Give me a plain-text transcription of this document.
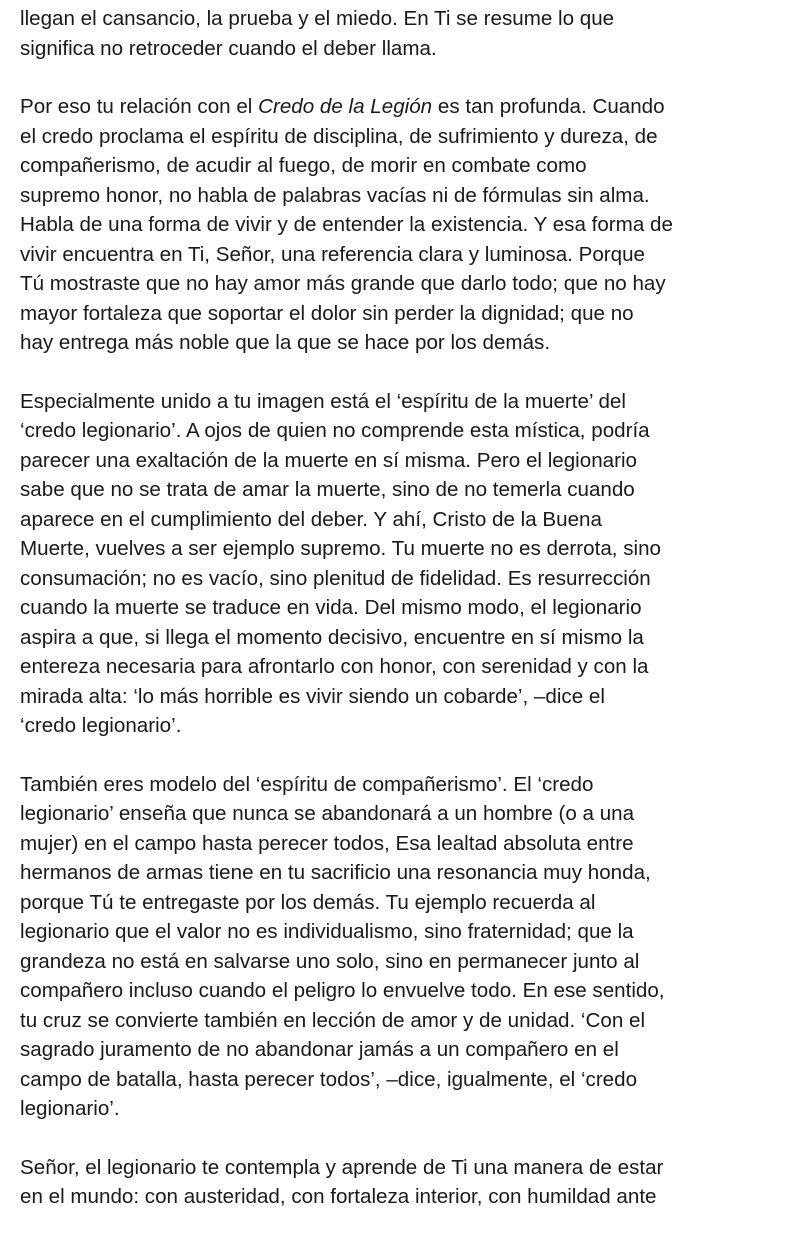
llegan el cansancio, la prueba y el miedo. En Ti se resume lo que
significa no retroceder cuando el deber llama.

Por eso tu relación con el Credo de la Legión es tan profunda. Cuando
el credo proclama el espíritu de disciplina, de sufrimiento y dureza, de
compañerismo, de acudir al fuego, de morir en combate como
supremo honor, no habla de palabras vacías ni de fórmulas sin alma.
Habla de una forma de vivir y de entender la existencia. Y esa forma de
vivir encuentra en Ti, Señor, una referencia clara y luminosa. Porque
Tú mostraste que no hay amor más grande que darlo todo; que no hay
mayor fortaleza que soportar el dolor sin perder la dignidad; que no
hay entrega más noble que la que se hace por los demás.

Especialmente unido a tu imagen está el ‘espíritu de la muerte’ del
‘credo legionario’. A ojos de quien no comprende esta mística, podría
parecer una exaltación de la muerte en sí misma. Pero el legionario
sabe que no se trata de amar la muerte, sino de no temerla cuando
aparece en el cumplimiento del deber. Y ahí, Cristo de la Buena
Muerte, vuelves a ser ejemplo supremo. Tu muerte no es derrota, sino
consumación; no es vacío, sino plenitud de fidelidad. Es resurrección
cuando la muerte se traduce en vida. Del mismo modo, el legionario
aspira a que, si llega el momento decisivo, encuentre en sí mismo la
entereza necesaria para afrontarlo con honor, con serenidad y con la
mirada alta: ‘lo más horrible es vivir siendo un cobarde’, –dice el
‘credo legionario’.

También eres modelo del ‘espíritu de compañerismo’. El ‘credo
legionario’ enseña que nunca se abandonará a un hombre (o a una
mujer) en el campo hasta perecer todos, Esa lealtad absoluta entre
hermanos de armas tiene en tu sacrificio una resonancia muy honda,
porque Tú te entregaste por los demás. Tu ejemplo recuerda al
legionario que el valor no es individualismo, sino fraternidad; que la
grandeza no está en salvarse uno solo, sino en permanecer junto al
compañero incluso cuando el peligro lo envuelve todo. En ese sentido,
tu cruz se convierte también en lección de amor y de unidad. ‘Con el
sagrado juramento de no abandonar jamás a un compañero en el
campo de batalla, hasta perecer todos’, –dice, igualmente, el ‘credo
legionario’.

Señor, el legionario te contempla y aprende de Ti una manera de estar
en el mundo: con austeridad, con fortaleza interior, con humildad ante
